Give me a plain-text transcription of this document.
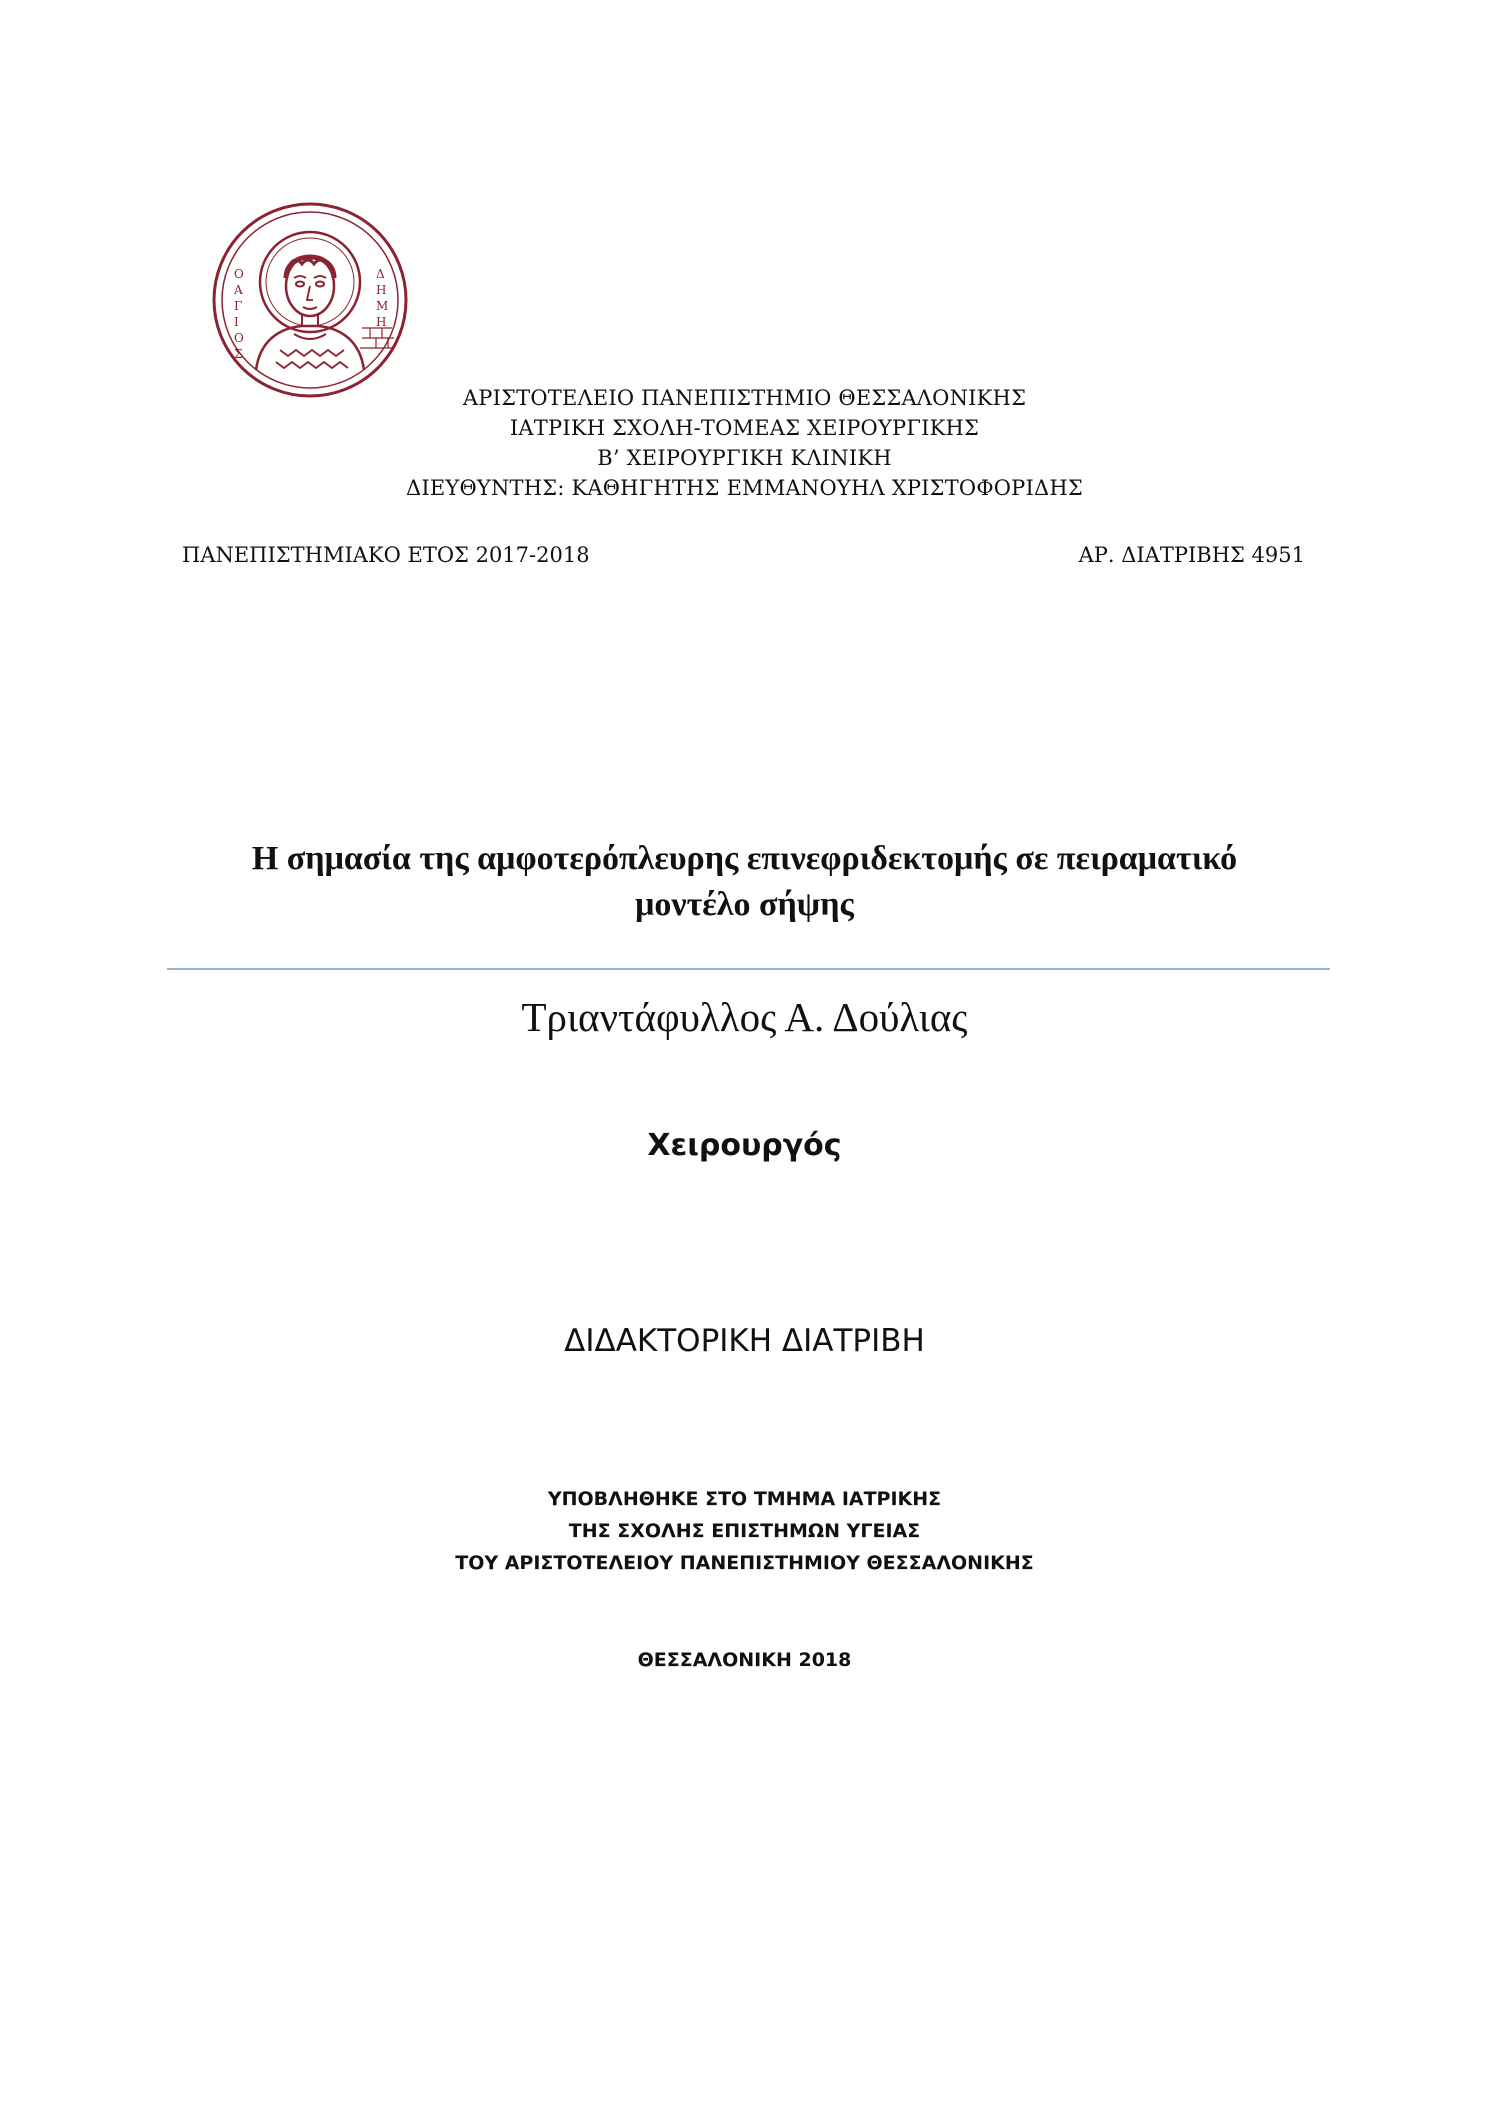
Ο
Α
Γ
Ι
Ο
Σ
Δ
Η
Μ
Η
ΑΡΙΣΤΟΤΕΛΕΙΟ ΠΑΝΕΠΙΣΤΗΜΙΟ ΘΕΣΣΑΛΟΝΙΚΗΣ
ΙΑΤΡΙΚΗ ΣΧΟΛΗ-ΤΟΜΕΑΣ ΧΕΙΡΟΥΡΓΙΚΗΣ
Β’ ΧΕΙΡΟΥΡΓΙΚΗ ΚΛΙΝΙΚΗ
ΔΙΕΥΘΥΝΤΗΣ: ΚΑΘΗΓΗΤΗΣ ΕΜΜΑΝΟΥΗΛ ΧΡΙΣΤΟΦΟΡΙΔΗΣ
ΠΑΝΕΠΙΣΤΗΜΙΑΚΟ ΕΤΟΣ 2017-2018	ΑΡ. ΔΙΑΤΡΙΒΗΣ 4951
Η σημασία της αμφοτερόπλευρης επινεφριδεκτομής σε πειραματικό
μοντέλο σήψης
Τριαντάφυλλος Α. Δούλιας
Χειρουργός
ΔΙΔΑΚΤΟΡΙΚΗ ΔΙΑΤΡΙΒΗ
ΥΠΟΒΛΗΘΗΚΕ ΣΤΟ ΤΜΗΜΑ ΙΑΤΡΙΚΗΣ
ΤΗΣ ΣΧΟΛΗΣ ΕΠΙΣΤΗΜΩΝ ΥΓΕΙΑΣ
ΤΟΥ ΑΡΙΣΤΟΤΕΛΕΙΟΥ ΠΑΝΕΠΙΣΤΗΜΙΟΥ ΘΕΣΣΑΛΟΝΙΚΗΣ
ΘΕΣΣΑΛΟΝΙΚΗ 2018
